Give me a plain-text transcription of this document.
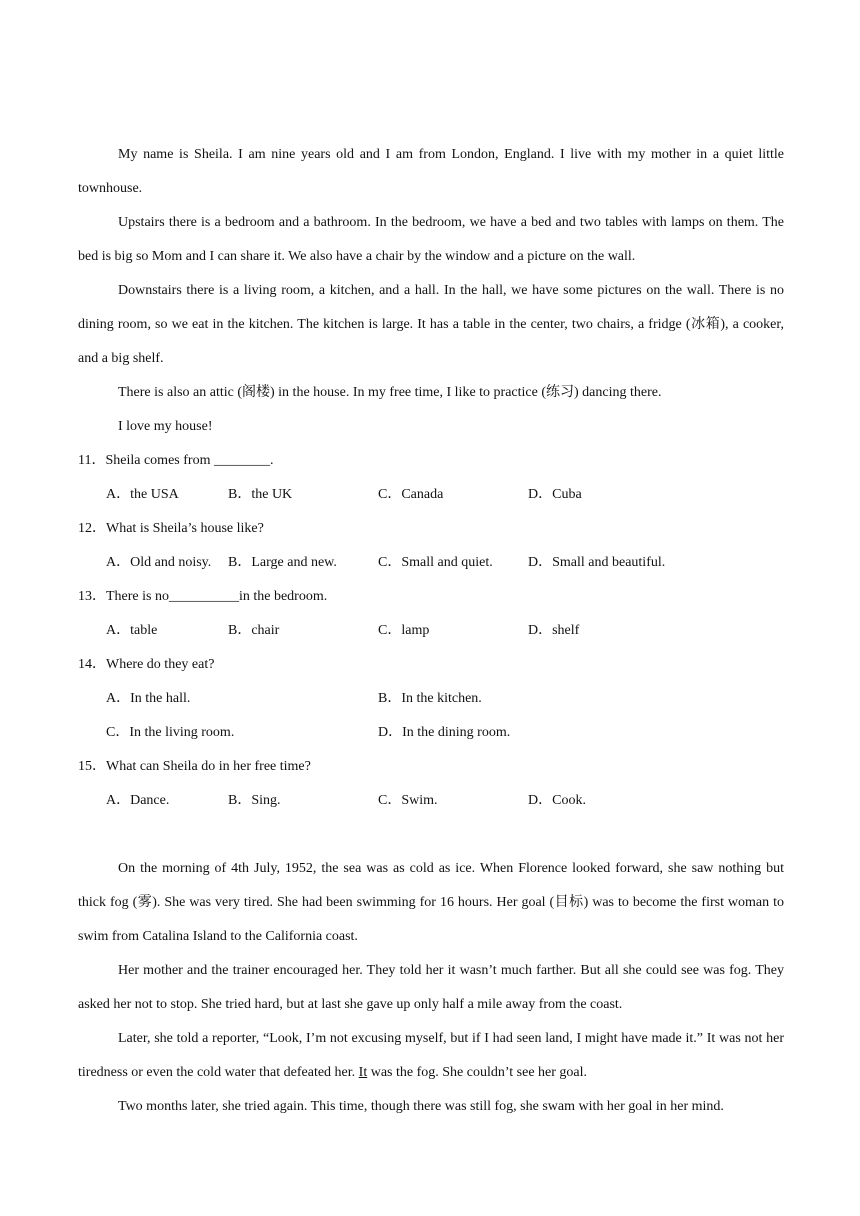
My name is Sheila. I am nine years old and I am from London, England. I live with my mother in a quiet little townhouse.

Upstairs there is a bedroom and a bathroom. In the bedroom, we have a bed and two tables with lamps on them. The bed is big so Mom and I can share it. We also have a chair by the window and a picture on the wall.

Downstairs there is a living room, a kitchen, and a hall. In the hall, we have some pictures on the wall. There is no dining room, so we eat in the kitchen. The kitchen is large. It has a table in the center, two chairs, a fridge (冰箱), a cooker, and a big shelf.

There is also an attic (阁楼) in the house. In my free time, I like to practice (练习) dancing there.

I love my house!

11．Sheila comes from ________.

A．the USA	B．the UK	C．Canada	D．Cuba

12．What is Sheila’s house like?

A．Old and noisy. B．Large and new.	C．Small and quiet.	D．Small and beautiful.

13．There is no__________in the bedroom.

A．table	B．chair	C．lamp	D．shelf

14．Where do they eat?

A．In the hall.	B．In the kitchen.
C．In the living room.	D．In the dining room.

15．What can Sheila do in her free time?

A．Dance.	B．Sing.	C．Swim.	D．Cook.

On the morning of 4th July, 1952, the sea was as cold as ice. When Florence looked forward, she saw nothing but thick fog (雾). She was very tired. She had been swimming for 16 hours. Her goal (目标) was to become the first woman to swim from Catalina Island to the California coast.

Her mother and the trainer encouraged her. They told her it wasn’t much farther. But all she could see was fog. They asked her not to stop. She tried hard, but at last she gave up only half a mile away from the coast.

Later, she told a reporter, “Look, I’m not excusing myself, but if I had seen land, I might have made it.” It was not her tiredness or even the cold water that defeated her. It was the fog. She couldn’t see her goal.

Two months later, she tried again. This time, though there was still fog, she swam with her goal in her mind.
